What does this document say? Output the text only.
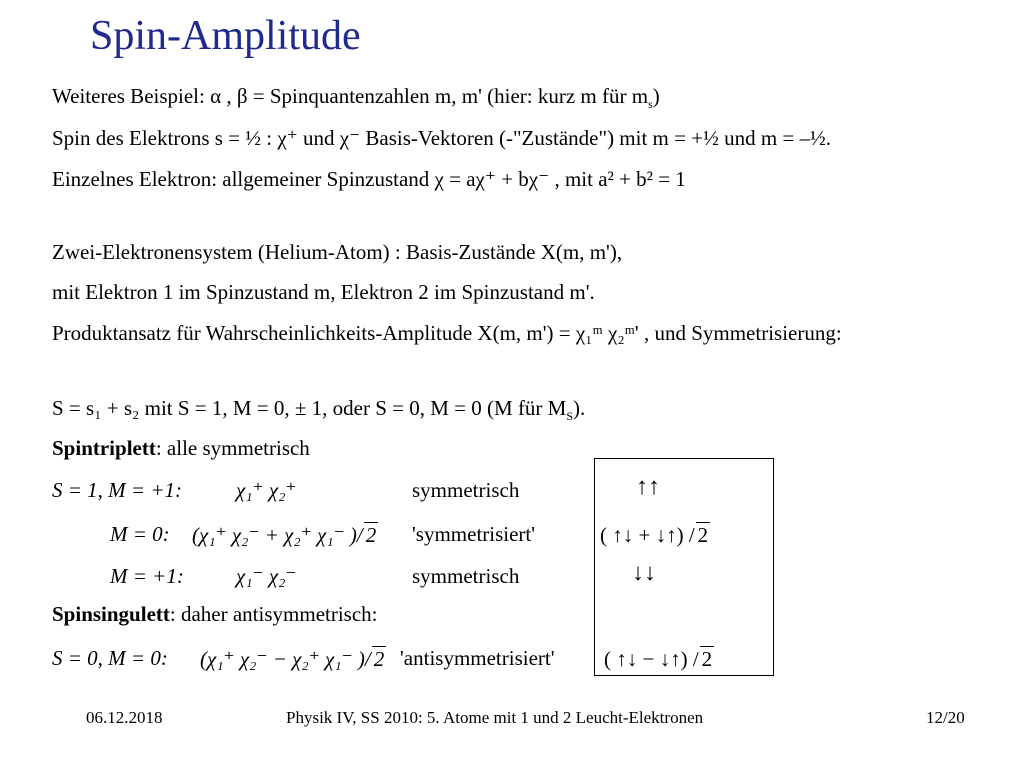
Spin-Amplitude
Weiteres Beispiel: α , β = Spinquantenzahlen m, m' (hier: kurz m für $m_s$)
Spin des Elektrons s = ½ : χ⁺ und χ⁻ Basis-Vektoren (-"Zustände") mit m = +½ und m = –½.
Einzelnes Elektron: allgemeiner Spinzustand χ = aχ⁺ + bχ⁻ , mit a² + b² = 1
Zwei-Elektronensystem (Helium-Atom) : Basis-Zustände X(m, m'),
mit Elektron 1 im Spinzustand m, Elektron 2 im Spinzustand m'.
Produktansatz für Wahrscheinlichkeits-Amplitude X(m, m') = χ₁ᵐ χ₂ᵐ' , und Symmetrisierung:
S = s₁ + s₂ mit S = 1, M = 0, ± 1, oder S = 0, M = 0 (M für $M_S$).
Spintriplett: alle symmetrisch
S = 1, M = +1:	χ₁⁺ χ₂⁺	symmetrisch	↑↑
M = 0: (χ₁⁺ χ₂⁻ + χ₂⁺ χ₁⁻ )/ 2 'symmetrisiert'	( ↑↓ + ↓↑) / 2
M = +1: χ₁⁻ χ₂⁻	symmetrisch	↓↓
Spinsingulett: daher antisymmetrisch:
S = 0, M = 0: (χ₁⁺ χ₂⁻ − χ₂⁺ χ₁⁻ )/ 2 'antisymmetrisiert' ( ↑↓ − ↓↑) / 2
06.12.2018	Physik IV, SS 2010: 5. Atome mit 1 und 2 Leucht-Elektronen	12/20
